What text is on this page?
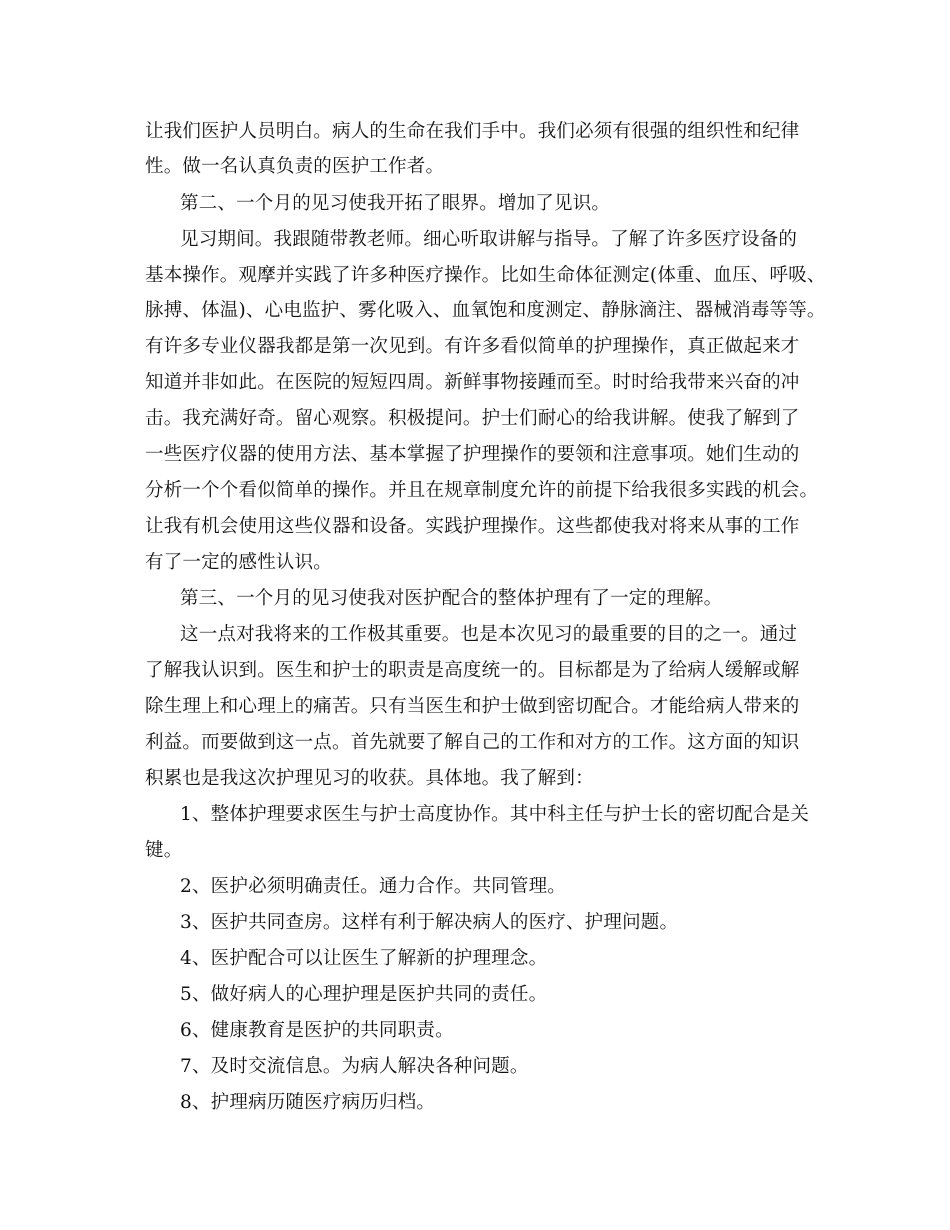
让我们医护人员明白。病人的生命在我们手中。我们必须有很强的组织性和纪律
性。做一名认真负责的医护工作者。
第二、一个月的见习使我开拓了眼界。增加了见识。
见习期间。我跟随带教老师。细心听取讲解与指导。了解了许多医疗设备的
基本操作。观摩并实践了许多种医疗操作。比如生命体征测定(体重、血压、呼吸、
脉搏、体温)、心电监护、雾化吸入、血氧饱和度测定、静脉滴注、器械消毒等等。
有许多专业仪器我都是第一次见到。有许多看似简单的护理操作，真正做起来才
知道并非如此。在医院的短短四周。新鲜事物接踵而至。时时给我带来兴奋的冲
击。我充满好奇。留心观察。积极提问。护士们耐心的给我讲解。使我了解到了
一些医疗仪器的使用方法、基本掌握了护理操作的要领和注意事项。她们生动的
分析一个个看似简单的操作。并且在规章制度允许的前提下给我很多实践的机会。
让我有机会使用这些仪器和设备。实践护理操作。这些都使我对将来从事的工作
有了一定的感性认识。
第三、一个月的见习使我对医护配合的整体护理有了一定的理解。
这一点对我将来的工作极其重要。也是本次见习的最重要的目的之一。通过
了解我认识到。医生和护士的职责是高度统一的。目标都是为了给病人缓解或解
除生理上和心理上的痛苦。只有当医生和护士做到密切配合。才能给病人带来的
利益。而要做到这一点。首先就要了解自己的工作和对方的工作。这方面的知识
积累也是我这次护理见习的收获。具体地。我了解到：
1、整体护理要求医生与护士高度协作。其中科主任与护士长的密切配合是关
键。
2、医护必须明确责任。通力合作。共同管理。
3、医护共同查房。这样有利于解决病人的医疗、护理问题。
4、医护配合可以让医生了解新的护理理念。
5、做好病人的心理护理是医护共同的责任。
6、健康教育是医护的共同职责。
7、及时交流信息。为病人解决各种问题。
8、护理病历随医疗病历归档。
